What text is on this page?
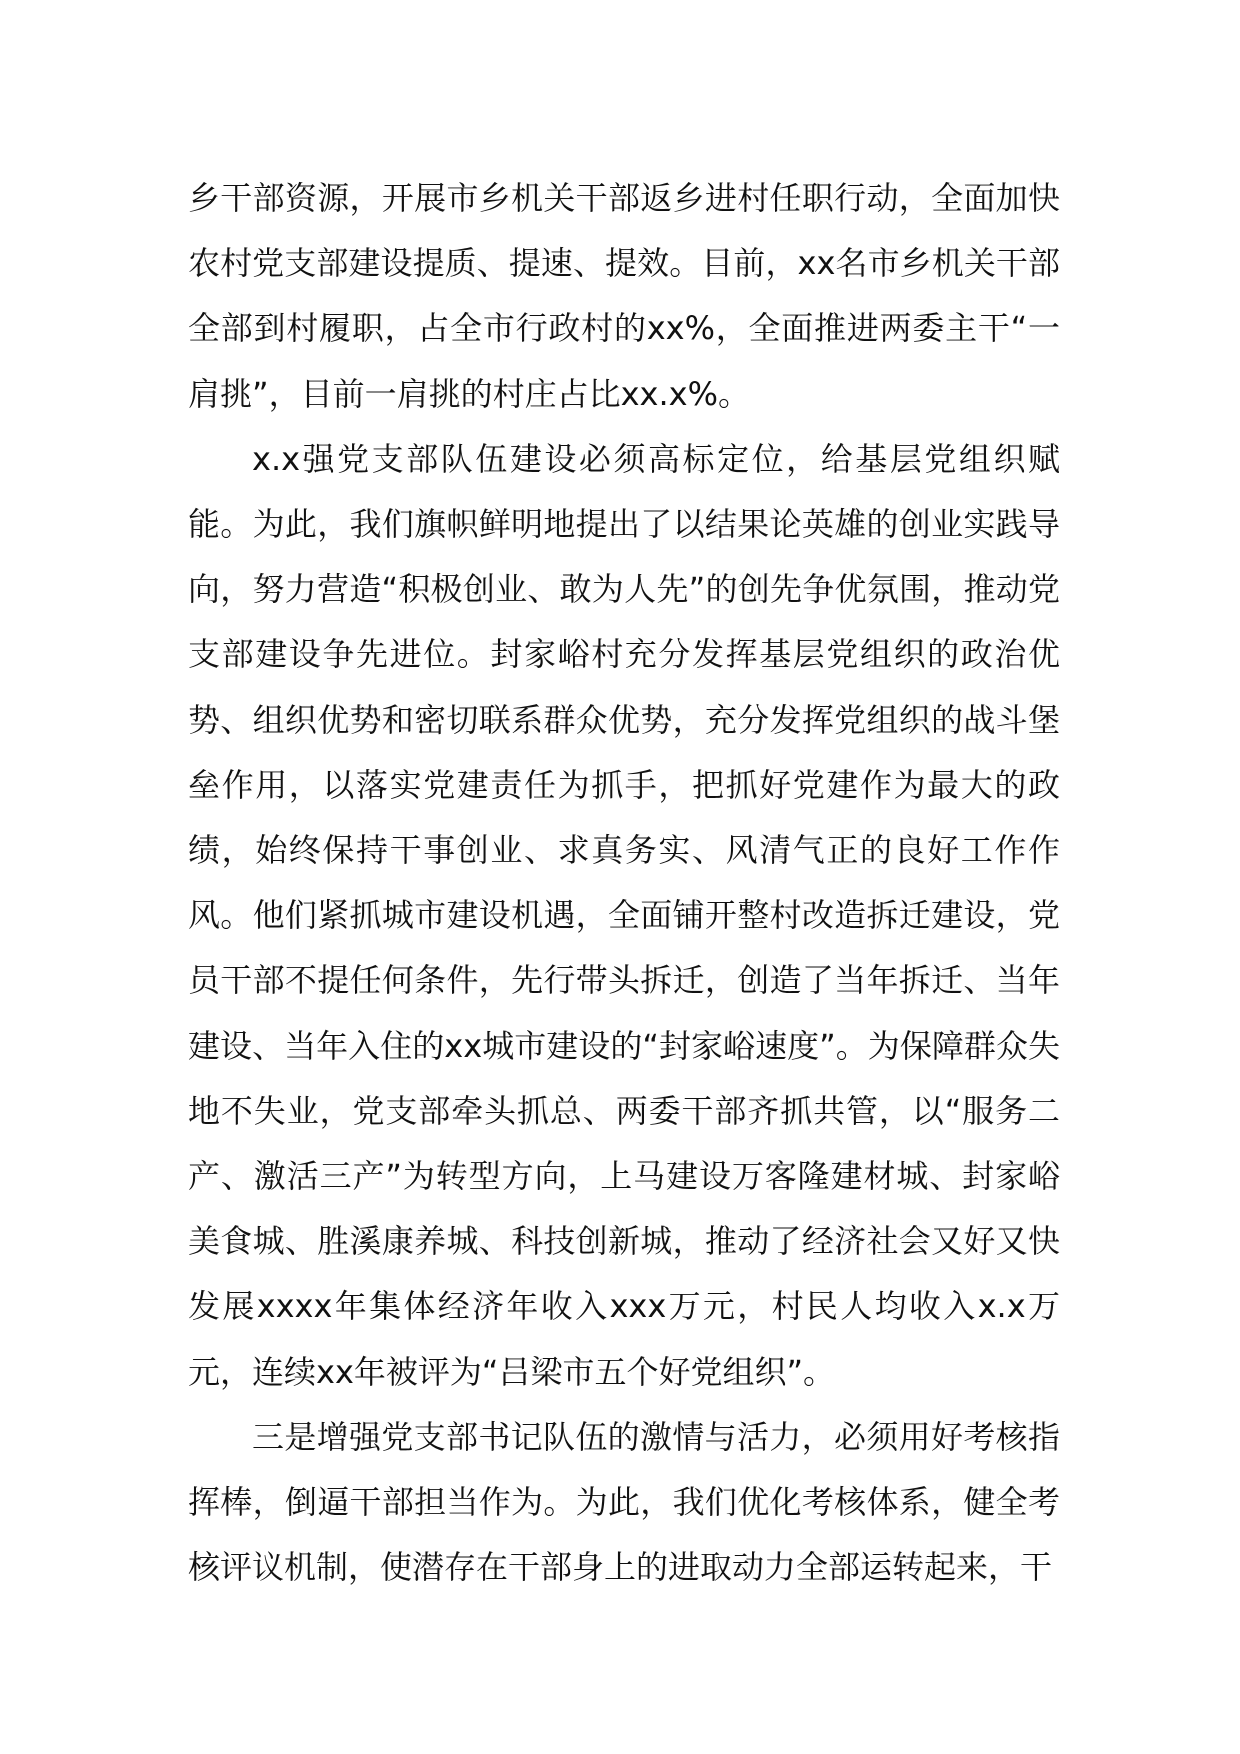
乡干部资源，开展市乡机关干部返乡进村任职行动，全面加快农村党支部建设提质、提速、提效。目前，xx名市乡机关干部全部到村履职，占全市行政村的xx%，全面推进两委主干“一肩挑”，目前一肩挑的村庄占比xx.x%。

x.x强党支部队伍建设必须高标定位，给基层党组织赋能。为此，我们旗帜鲜明地提出了以结果论英雄的创业实践导向，努力营造“积极创业、敢为人先”的创先争优氛围，推动党支部建设争先进位。封家峪村充分发挥基层党组织的政治优势、组织优势和密切联系群众优势，充分发挥党组织的战斗堡垒作用，以落实党建责任为抓手，把抓好党建作为最大的政绩，始终保持干事创业、求真务实、风清气正的良好工作作风。他们紧抓城市建设机遇，全面铺开整村改造拆迁建设，党员干部不提任何条件，先行带头拆迁，创造了当年拆迁、当年建设、当年入住的xx城市建设的“封家峪速度”。为保障群众失地不失业，党支部牵头抓总、两委干部齐抓共管，以“服务二产、激活三产”为转型方向，上马建设万客隆建材城、封家峪美食城、胜溪康养城、科技创新城，推动了经济社会又好又快发展xxxx年集体经济年收入xxx万元，村民人均收入x.x万元，连续xx年被评为“吕梁市五个好党组织”。

三是增强党支部书记队伍的激情与活力，必须用好考核指挥棒，倒逼干部担当作为。为此，我们优化考核体系，健全考核评议机制，使潜存在干部身上的进取动力全部运转起来，干
